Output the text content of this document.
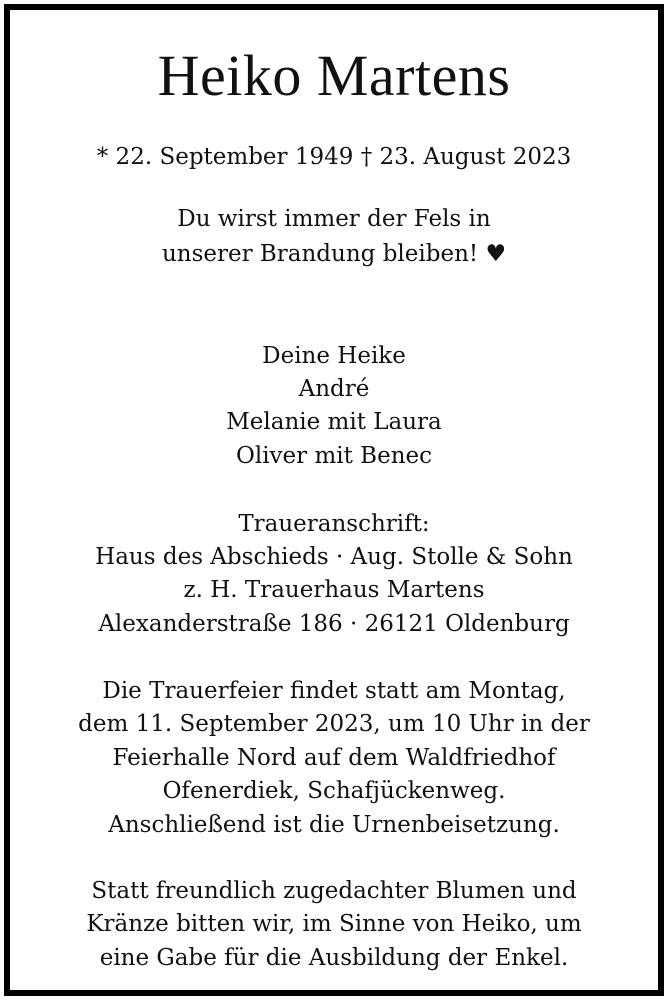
Heiko Martens
* 22. September 1949 † 23. August 2023
Du wirst immer der Fels in
unserer Brandung bleiben! ♥
Deine Heike
André
Melanie mit Laura
Oliver mit Benec
Traueranschrift:
Haus des Abschieds · Aug. Stolle & Sohn
z. H. Trauerhaus Martens
Alexanderstraße 186 · 26121 Oldenburg
Die Trauerfeier findet statt am Montag,
dem 11. September 2023, um 10 Uhr in der
Feierhalle Nord auf dem Waldfriedhof
Ofenerdiek, Schafjückenweg.
Anschließend ist die Urnenbeisetzung.
Statt freundlich zugedachter Blumen und
Kränze bitten wir, im Sinne von Heiko, um
eine Gabe für die Ausbildung der Enkel.
